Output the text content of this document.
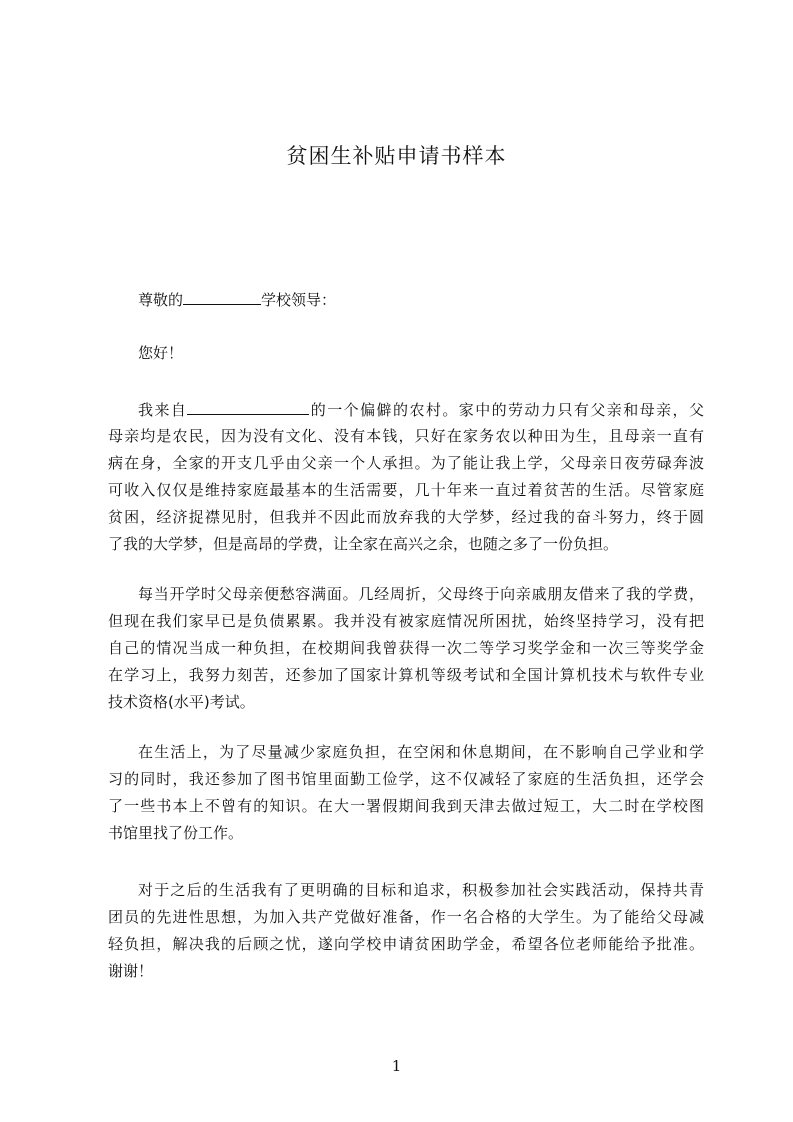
贫困生补贴申请书样本

尊敬的	学校领导：

您好！

我来自	的一个偏僻的农村。家中的劳动力只有父亲和母亲，父

母亲均是农民，因为没有文化、没有本钱，只好在家务农以种田为生，且母亲一直有

病在身，全家的开支几乎由父亲一个人承担。为了能让我上学，父母亲日夜劳碌奔波

可收入仅仅是维持家庭最基本的生活需要，几十年来一直过着贫苦的生活。尽管家庭

贫困，经济捉襟见肘，但我并不因此而放弃我的大学梦，经过我的奋斗努力，终于圆

了我的大学梦，但是高昂的学费，让全家在高兴之余，也随之多了一份负担。

每当开学时父母亲便愁容满面。几经周折，父母终于向亲戚朋友借来了我的学费，

但现在我们家早已是负债累累。我并没有被家庭情况所困扰，始终坚持学习，没有把

自己的情况当成一种负担，在校期间我曾获得一次二等学习奖学金和一次三等奖学金

在学习上，我努力刻苦，还参加了国家计算机等级考试和全国计算机技术与软件专业

技术资格(水平)考试。

在生活上，为了尽量减少家庭负担，在空闲和休息期间，在不影响自己学业和学

习的同时，我还参加了图书馆里面勤工俭学，这不仅减轻了家庭的生活负担，还学会

了一些书本上不曾有的知识。在大一署假期间我到天津去做过短工，大二时在学校图

书馆里找了份工作。

对于之后的生活我有了更明确的目标和追求，积极参加社会实践活动，保持共青

团员的先进性思想，为加入共产党做好准备，作一名合格的大学生。为了能给父母减

轻负担，解决我的后顾之忧，遂向学校申请贫困助学金，希望各位老师能给予批准。

谢谢！

1
